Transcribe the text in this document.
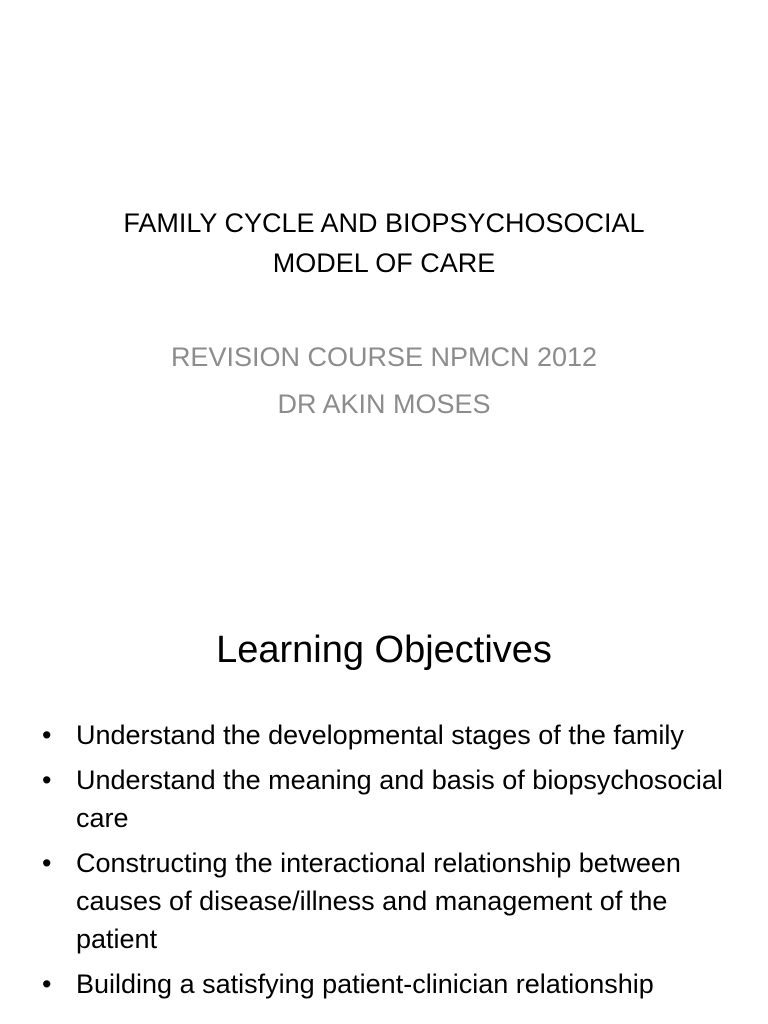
FAMILY CYCLE AND BIOPSYCHOSOCIAL
MODEL OF CARE
REVISION COURSE NPMCN 2012
DR AKIN MOSES
Learning Objectives
• Understand the developmental stages of the family
• Understand the meaning and basis of biopsychosocial care
• Constructing the interactional relationship between causes of disease/illness and management of the patient
• Building a satisfying patient-clinician relationship
